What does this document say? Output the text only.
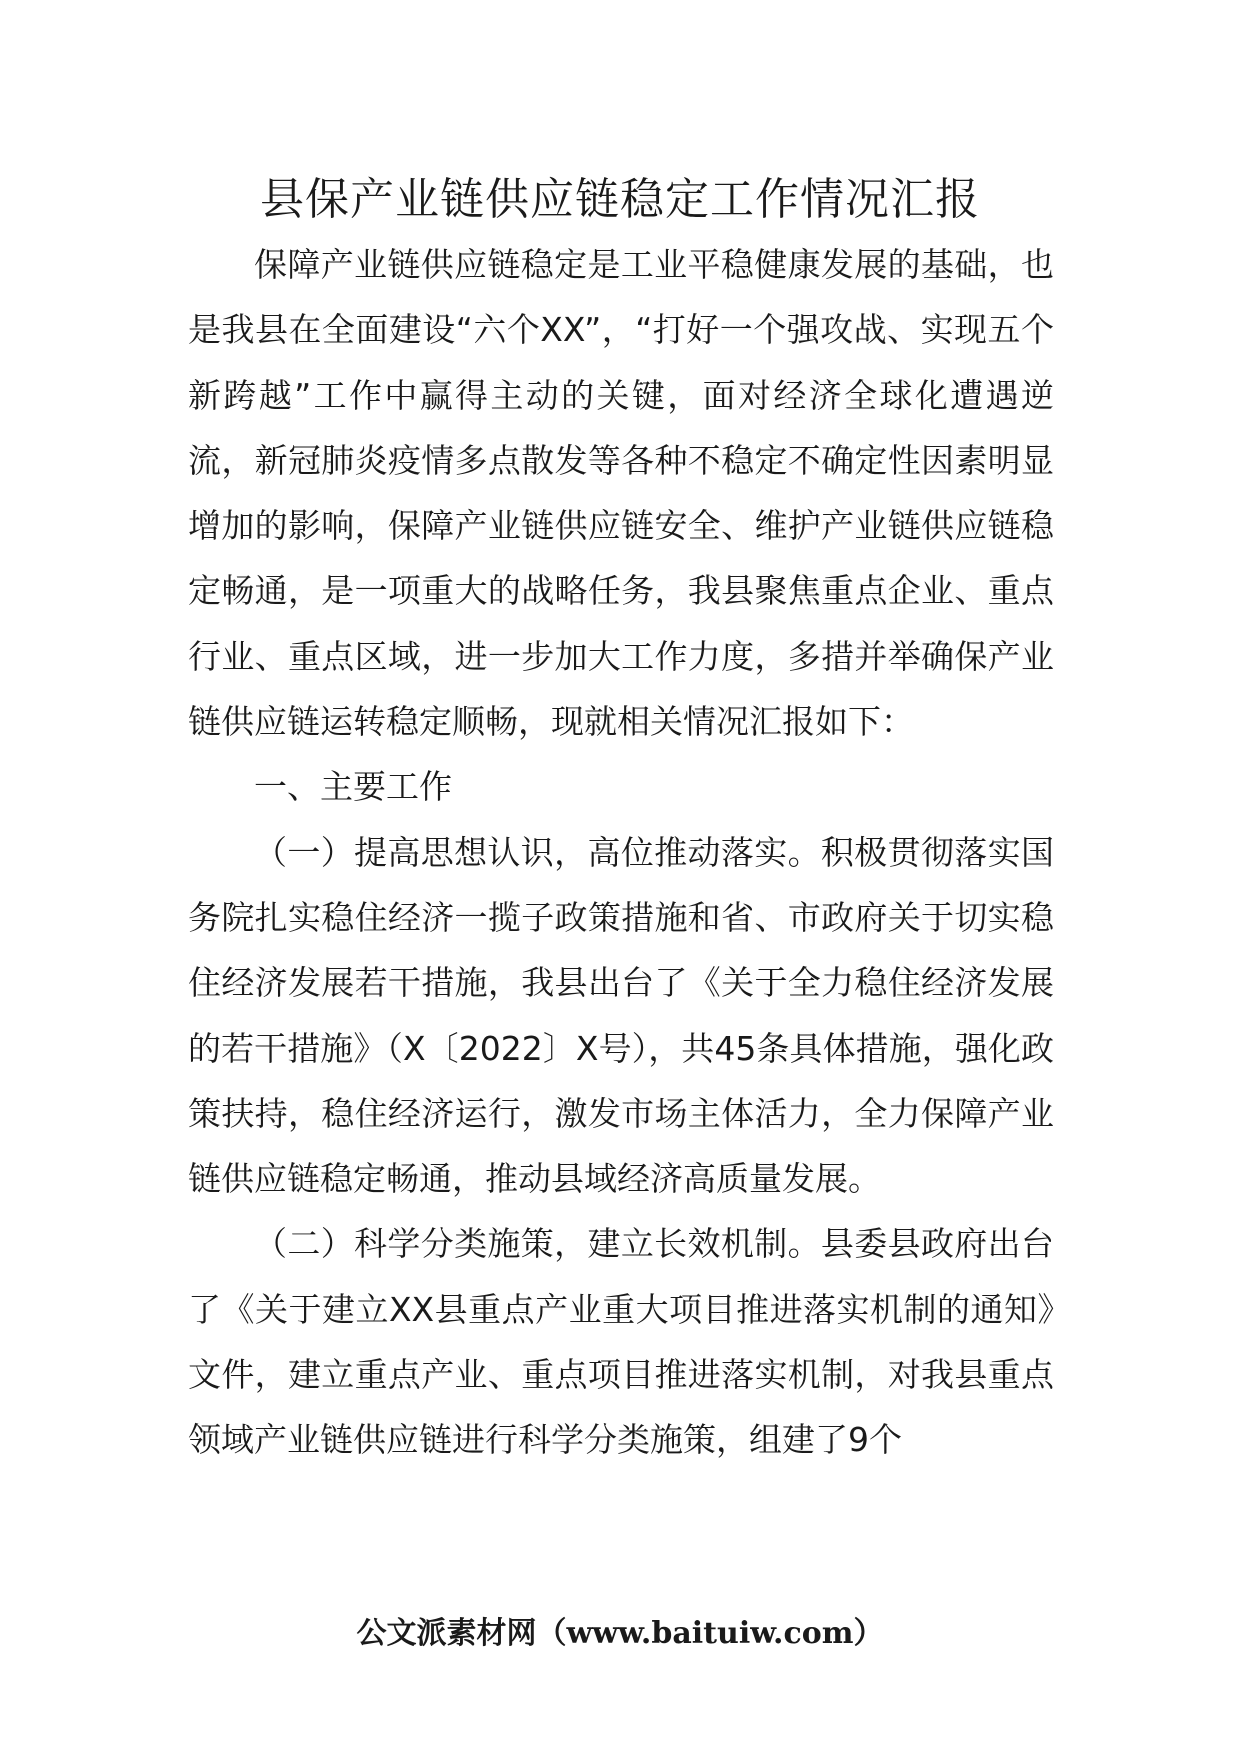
县保产业链供应链稳定工作情况汇报

保障产业链供应链稳定是工业平稳健康发展的基础，也是我县在全面建设“六个XX”，“打好一个强攻战、实现五个新跨越”工作中赢得主动的关键，面对经济全球化遭遇逆流，新冠肺炎疫情多点散发等各种不稳定不确定性因素明显增加的影响，保障产业链供应链安全、维护产业链供应链稳定畅通，是一项重大的战略任务，我县聚焦重点企业、重点行业、重点区域，进一步加大工作力度，多措并举确保产业链供应链运转稳定顺畅，现就相关情况汇报如下：

一、主要工作

（一）提高思想认识，高位推动落实。积极贯彻落实国务院扎实稳住经济一揽子政策措施和省、市政府关于切实稳住经济发展若干措施，我县出台了《关于全力稳住经济发展的若干措施》（X〔2022〕X号），共45条具体措施，强化政策扶持，稳住经济运行，激发市场主体活力，全力保障产业链供应链稳定畅通，推动县域经济高质量发展。

（二）科学分类施策，建立长效机制。县委县政府出台了《关于建立XX县重点产业重大项目推进落实机制的通知》文件，建立重点产业、重点项目推进落实机制，对我县重点领域产业链供应链进行科学分类施策，组建了9个

公文派素材网（www.baituiw.com）
